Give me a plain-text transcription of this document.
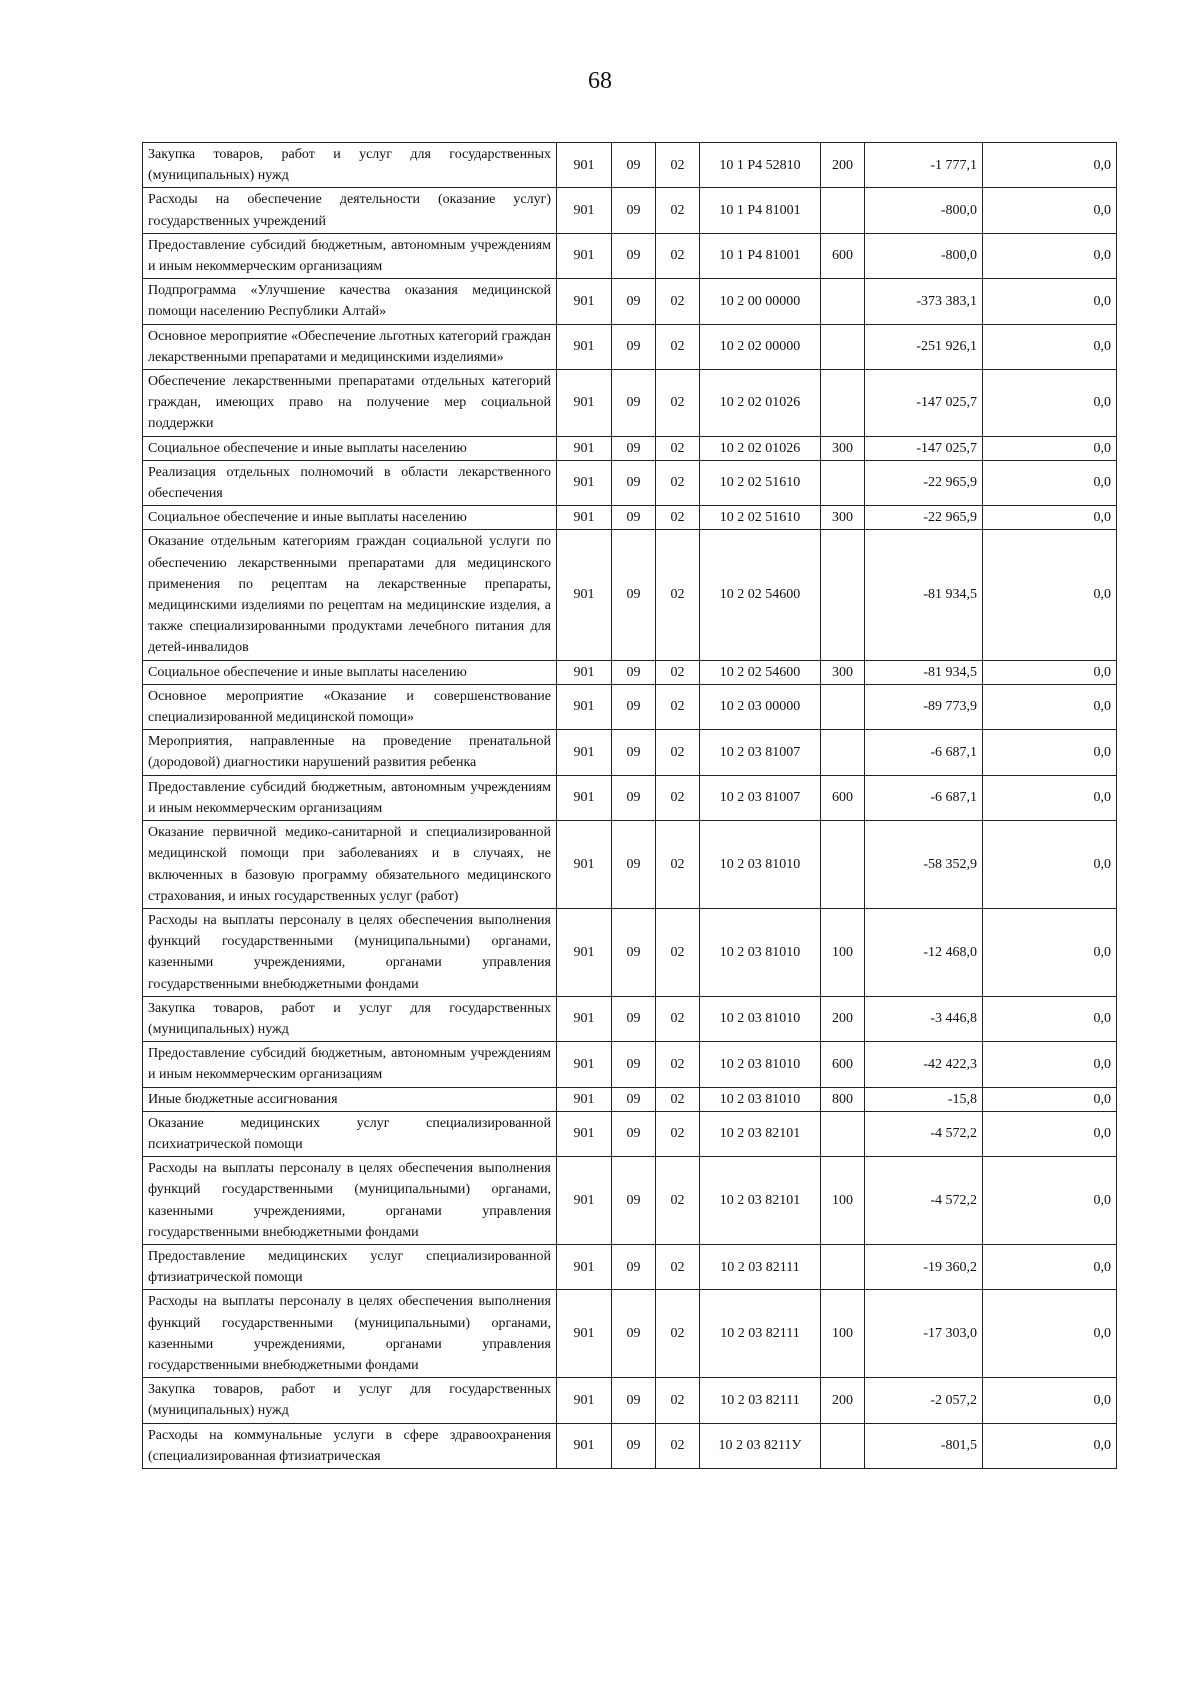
68
Закупка товаров, работ и услуг для государственных (муниципальных) нужд	901	09	02	10 1 Р4 52810	200	-1 777,1	0,0
Расходы на обеспечение деятельности (оказание услуг) государственных учреждений	901	09	02	10 1 Р4 81001		-800,0	0,0
Предоставление субсидий бюджетным, автономным учреждениям и иным некоммерческим организациям	901	09	02	10 1 Р4 81001	600	-800,0	0,0
Подпрограмма «Улучшение качества оказания медицинской помощи населению Республики Алтай»	901	09	02	10 2 00 00000		-373 383,1	0,0
Основное мероприятие «Обеспечение льготных категорий граждан лекарственными препаратами и медицинскими изделиями»	901	09	02	10 2 02 00000		-251 926,1	0,0
Обеспечение лекарственными препаратами отдельных категорий граждан, имеющих право на получение мер социальной поддержки	901	09	02	10 2 02 01026		-147 025,7	0,0
Социальное обеспечение и иные выплаты населению	901	09	02	10 2 02 01026	300	-147 025,7	0,0
Реализация отдельных полномочий в области лекарственного обеспечения	901	09	02	10 2 02 51610		-22 965,9	0,0
Социальное обеспечение и иные выплаты населению	901	09	02	10 2 02 51610	300	-22 965,9	0,0
Оказание отдельным категориям граждан социальной услуги по обеспечению лекарственными препаратами для медицинского применения по рецептам на лекарственные препараты, медицинскими изделиями по рецептам на медицинские изделия, а также специализированными продуктами лечебного питания для детей-инвалидов	901	09	02	10 2 02 54600		-81 934,5	0,0
Социальное обеспечение и иные выплаты населению	901	09	02	10 2 02 54600	300	-81 934,5	0,0
Основное мероприятие «Оказание и совершенствование специализированной медицинской помощи»	901	09	02	10 2 03 00000		-89 773,9	0,0
Мероприятия, направленные на проведение пренатальной (дородовой) диагностики нарушений развития ребенка	901	09	02	10 2 03 81007		-6 687,1	0,0
Предоставление субсидий бюджетным, автономным учреждениям и иным некоммерческим организациям	901	09	02	10 2 03 81007	600	-6 687,1	0,0
Оказание первичной медико-санитарной и специализированной медицинской помощи при заболеваниях и в случаях, не включенных в базовую программу обязательного медицинского страхования, и иных государственных услуг (работ)	901	09	02	10 2 03 81010		-58 352,9	0,0
Расходы на выплаты персоналу в целях обеспечения выполнения функций государственными (муниципальными) органами, казенными учреждениями, органами управления государственными внебюджетными фондами	901	09	02	10 2 03 81010	100	-12 468,0	0,0
Закупка товаров, работ и услуг для государственных (муниципальных) нужд	901	09	02	10 2 03 81010	200	-3 446,8	0,0
Предоставление субсидий бюджетным, автономным учреждениям и иным некоммерческим организациям	901	09	02	10 2 03 81010	600	-42 422,3	0,0
Иные бюджетные ассигнования	901	09	02	10 2 03 81010	800	-15,8	0,0
Оказание медицинских услуг специализированной психиатрической помощи	901	09	02	10 2 03 82101		-4 572,2	0,0
Расходы на выплаты персоналу в целях обеспечения выполнения функций государственными (муниципальными) органами, казенными учреждениями, органами управления государственными внебюджетными фондами	901	09	02	10 2 03 82101	100	-4 572,2	0,0
Предоставление медицинских услуг специализированной фтизиатрической помощи	901	09	02	10 2 03 82111		-19 360,2	0,0
Расходы на выплаты персоналу в целях обеспечения выполнения функций государственными (муниципальными) органами, казенными учреждениями, органами управления государственными внебюджетными фондами	901	09	02	10 2 03 82111	100	-17 303,0	0,0
Закупка товаров, работ и услуг для государственных (муниципальных) нужд	901	09	02	10 2 03 82111	200	-2 057,2	0,0
Расходы на коммунальные услуги в сфере здравоохранения (специализированная фтизиатрическая	901	09	02	10 2 03 8211У		-801,5	0,0
